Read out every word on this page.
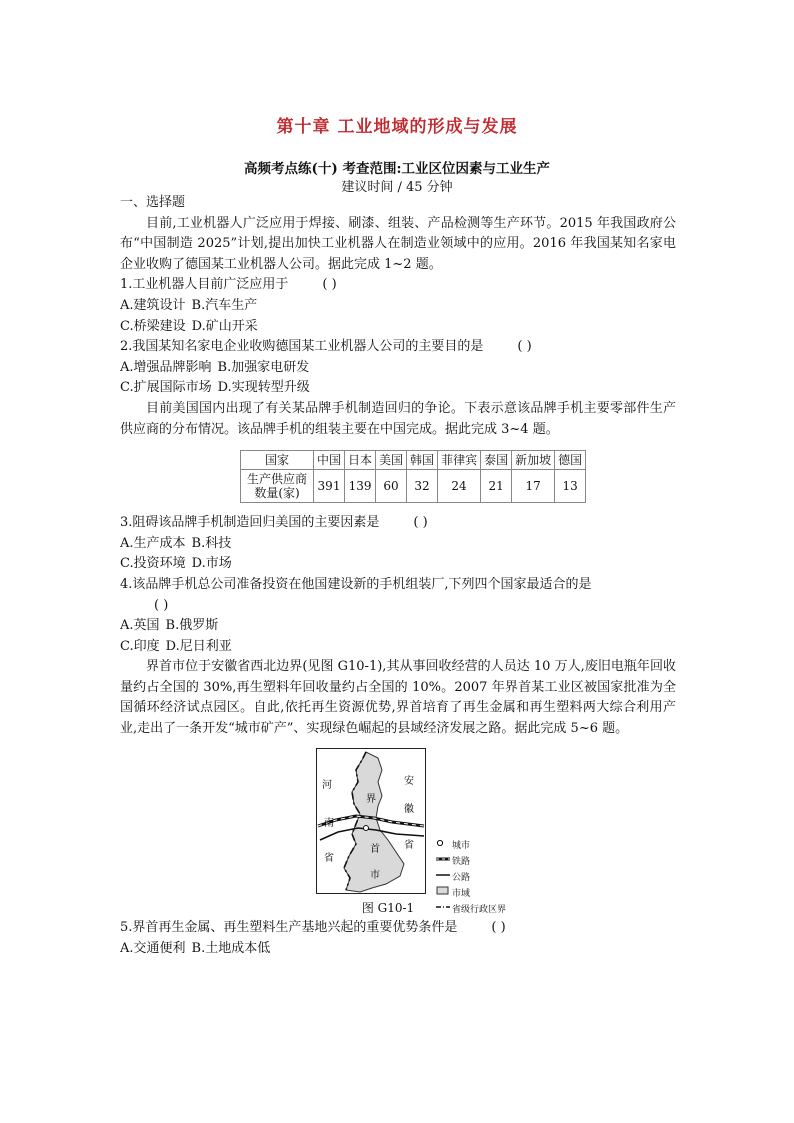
第十章 工业地域的形成与发展
高频考点练(十) 考查范围:工业区位因素与工业生产
建议时间 / 45 分钟

一、选择题

目前,工业机器人广泛应用于焊接、刷漆、组装、产品检测等生产环节。2015 年我国政府公布“中国制造 2025”计划,提出加快工业机器人在制造业领域中的应用。2016 年我国某知名家电企业收购了德国某工业机器人公司。据此完成 1~2 题。

1.工业机器人目前广泛应用于	( )

A.建筑设计 B.汽车生产

C.桥梁建设 D.矿山开采

2.我国某知名家电企业收购德国某工业机器人公司的主要目的是	( )

A.增强品牌影响 B.加强家电研发

C.扩展国际市场 D.实现转型升级

目前美国国内出现了有关某品牌手机制造回归的争论。下表示意该品牌手机主要零部件生产供应商的分布情况。该品牌手机的组装主要在中国完成。据此完成 3~4 题。

国家	中国	日本	美国	韩国	菲律宾	泰国	新加坡	德国
生产供应商数量(家)	391	139	60	32	24	21	17	13

3.阻碍该品牌手机制造回归美国的主要因素是	( )

A.生产成本 B.科技

C.投资环境 D.市场

4.该品牌手机总公司准备投资在他国建设新的手机组装厂,下列四个国家最适合的是

( )

A.英国 B.俄罗斯

C.印度 D.尼日利亚

界首市位于安徽省西北边界(见图 G10-1),其从事回收经营的人员达 10 万人,废旧电瓶年回收量约占全国的 30%,再生塑料年回收量约占全国的 10%。2007 年界首某工业区被国家批准为全国循环经济试点园区。自此,依托再生资源优势,界首培育了再生金属和再生塑料两大综合利用产业,走出了一条开发“城市矿产”、实现绿色崛起的县域经济发展之路。据此完成 5~6 题。

河
南
省
安
徽
省
界
首
市
城市
铁路
公路
市域
省级行政区界
图 G10-1

5.界首再生金属、再生塑料生产基地兴起的重要优势条件是	( )

A.交通便利 B.土地成本低
